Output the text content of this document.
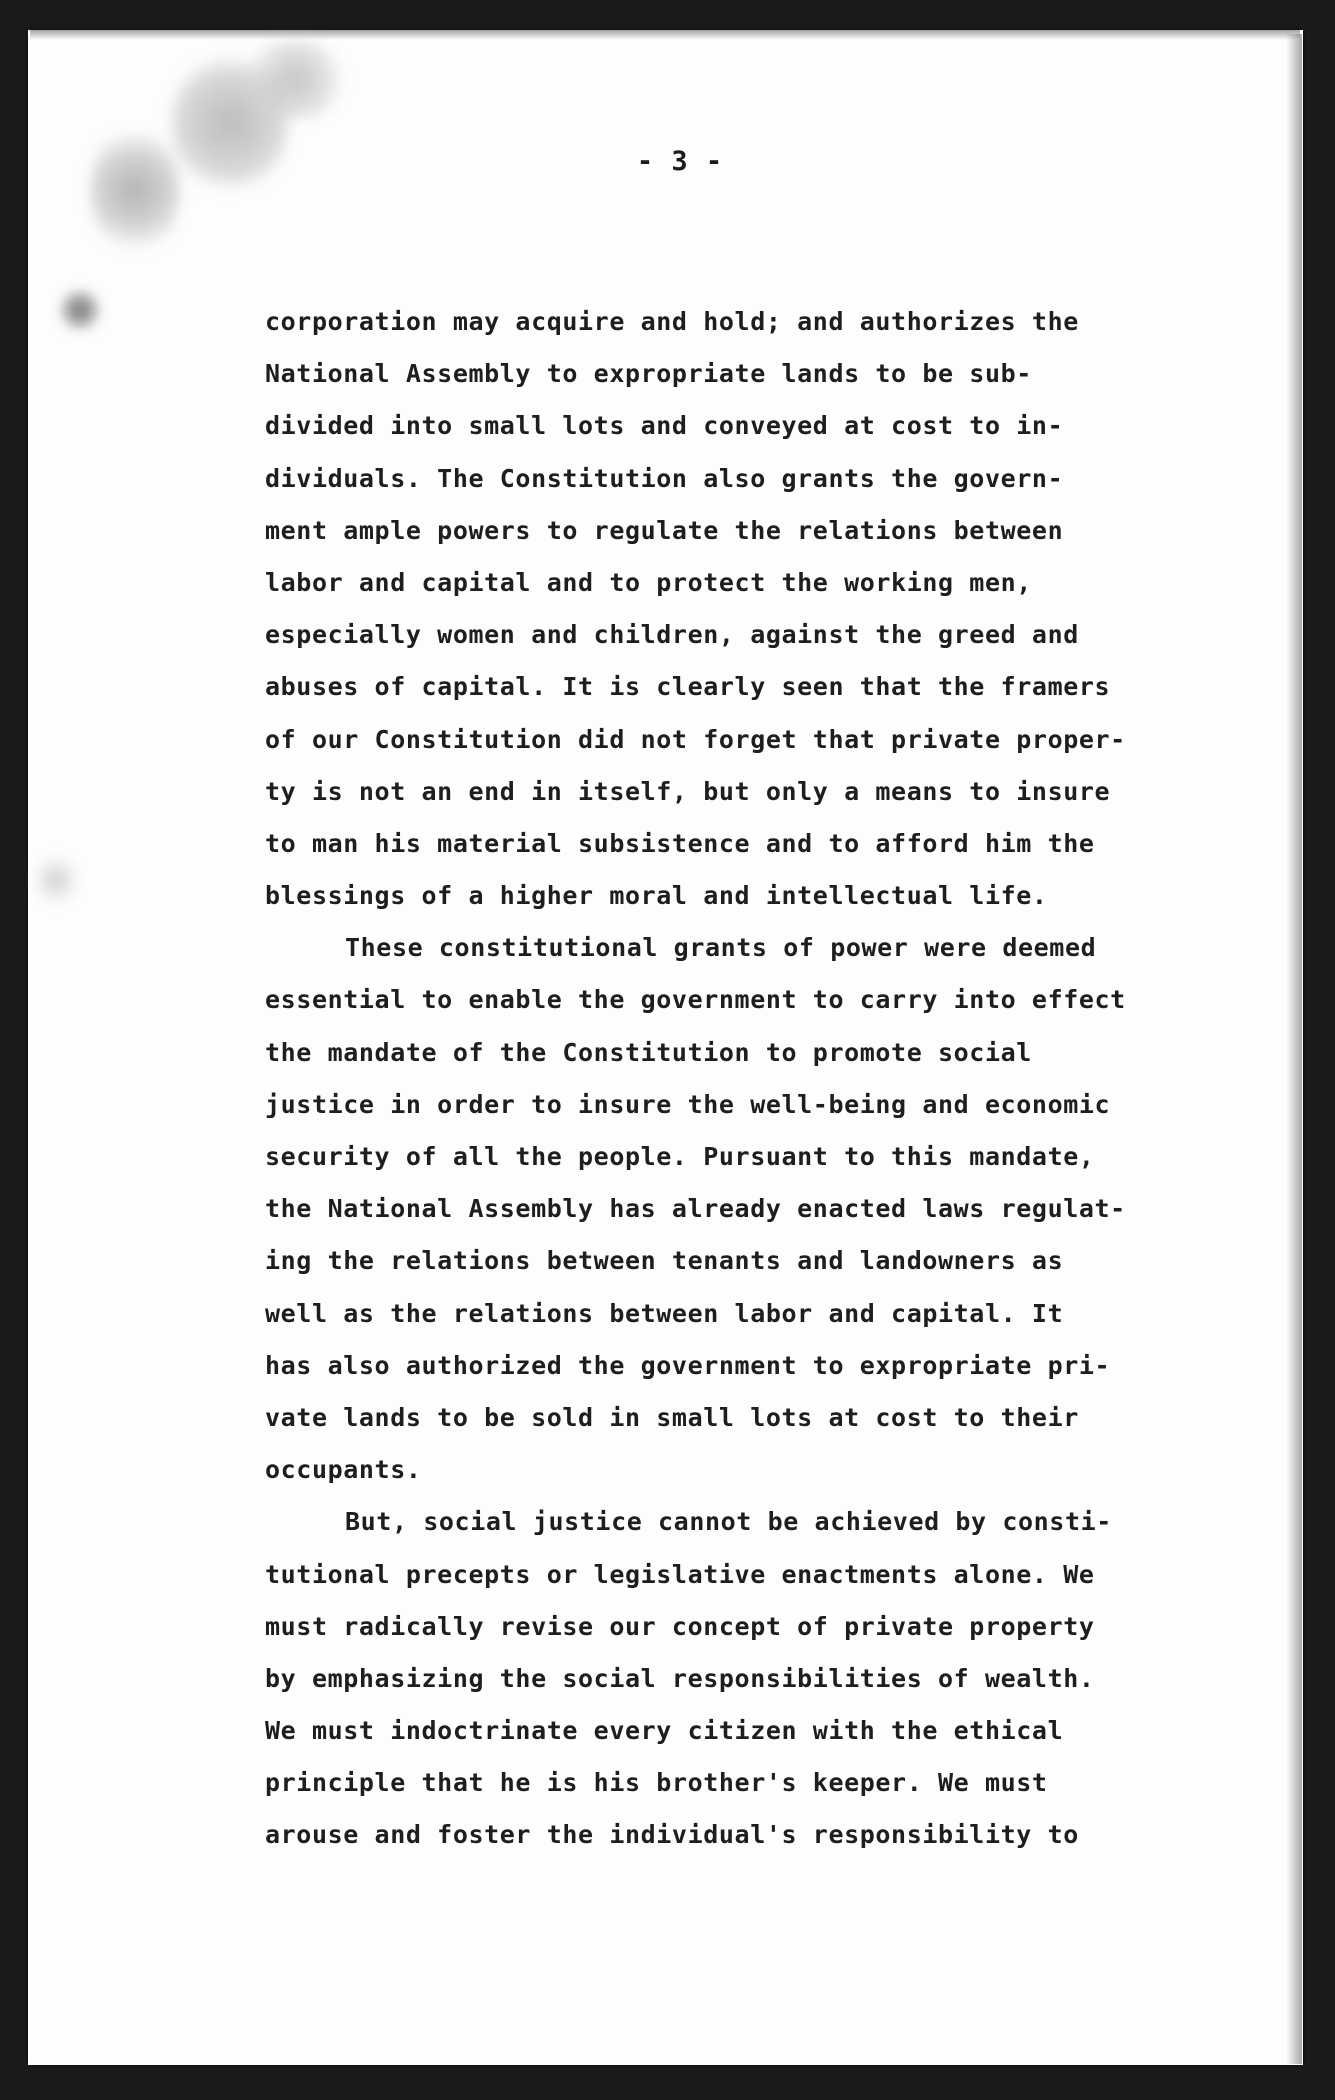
- 3 -
corporation may acquire and hold; and authorizes the
National Assembly to expropriate lands to be sub-
divided into small lots and conveyed at cost to in-
dividuals. The Constitution also grants the govern-
ment ample powers to regulate the relations between
labor and capital and to protect the working men,
especially women and children, against the greed and
abuses of capital. It is clearly seen that the framers
of our Constitution did not forget that private proper-
ty is not an end in itself, but only a means to insure
to man his material subsistence and to afford him the
blessings of a higher moral and intellectual life.
These constitutional grants of power were deemed
essential to enable the government to carry into effect
the mandate of the Constitution to promote social
justice in order to insure the well-being and economic
security of all the people. Pursuant to this mandate,
the National Assembly has already enacted laws regulat-
ing the relations between tenants and landowners as
well as the relations between labor and capital. It
has also authorized the government to expropriate pri-
vate lands to be sold in small lots at cost to their
occupants.
But, social justice cannot be achieved by consti-
tutional precepts or legislative enactments alone. We
must radically revise our concept of private property
by emphasizing the social responsibilities of wealth.
We must indoctrinate every citizen with the ethical
principle that he is his brother's keeper. We must
arouse and foster the individual's responsibility to
